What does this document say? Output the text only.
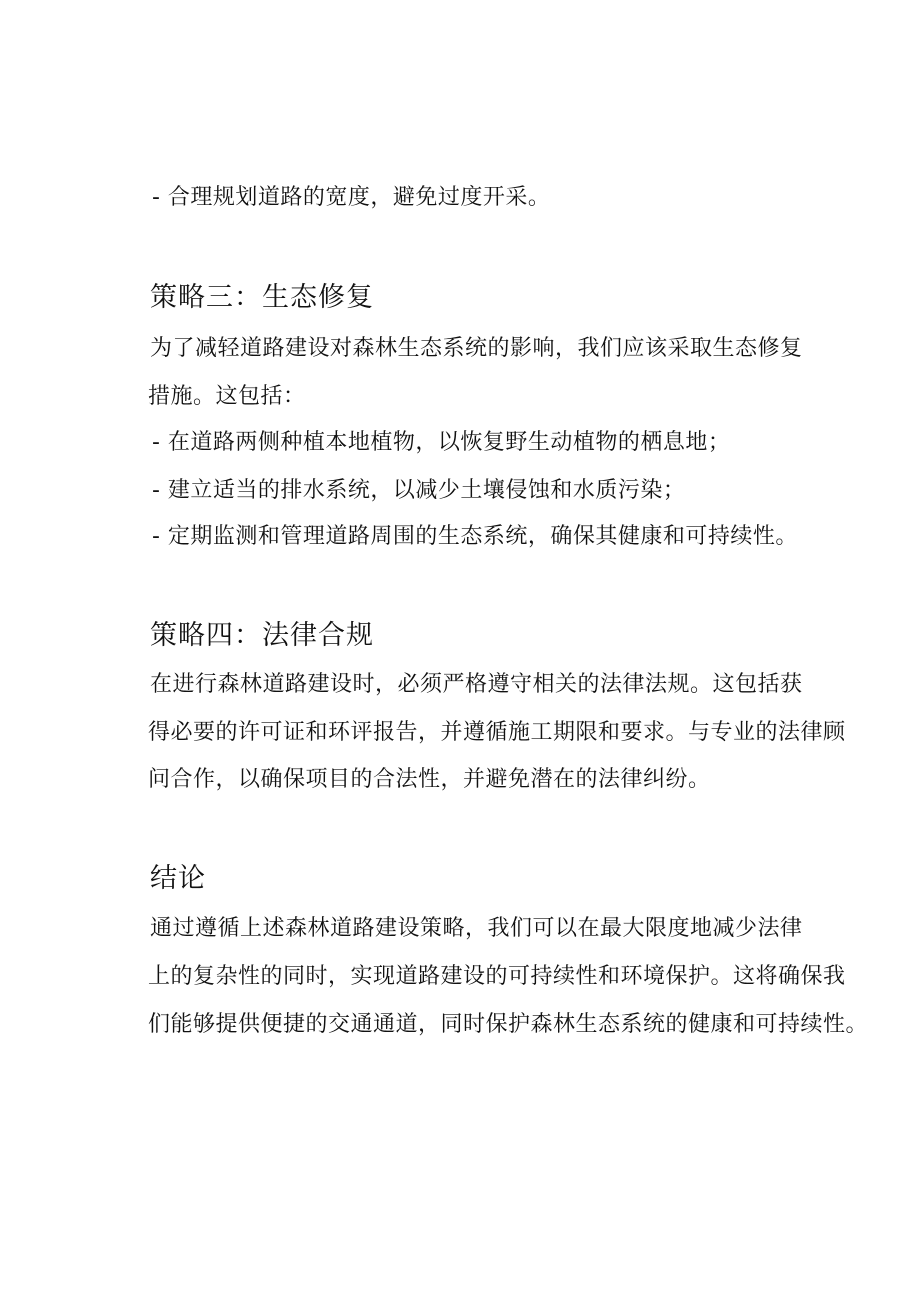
- 合理规划道路的宽度，避免过度开采。
策略三：生态修复
为了减轻道路建设对森林生态系统的影响，我们应该采取生态修复
措施。这包括：
- 在道路两侧种植本地植物，以恢复野生动植物的栖息地；
- 建立适当的排水系统，以减少土壤侵蚀和水质污染；
- 定期监测和管理道路周围的生态系统，确保其健康和可持续性。
策略四：法律合规
在进行森林道路建设时，必须严格遵守相关的法律法规。这包括获
得必要的许可证和环评报告，并遵循施工期限和要求。与专业的法律顾
问合作，以确保项目的合法性，并避免潜在的法律纠纷。
结论
通过遵循上述森林道路建设策略，我们可以在最大限度地减少法律
上的复杂性的同时，实现道路建设的可持续性和环境保护。这将确保我
们能够提供便捷的交通通道，同时保护森林生态系统的健康和可持续性。
